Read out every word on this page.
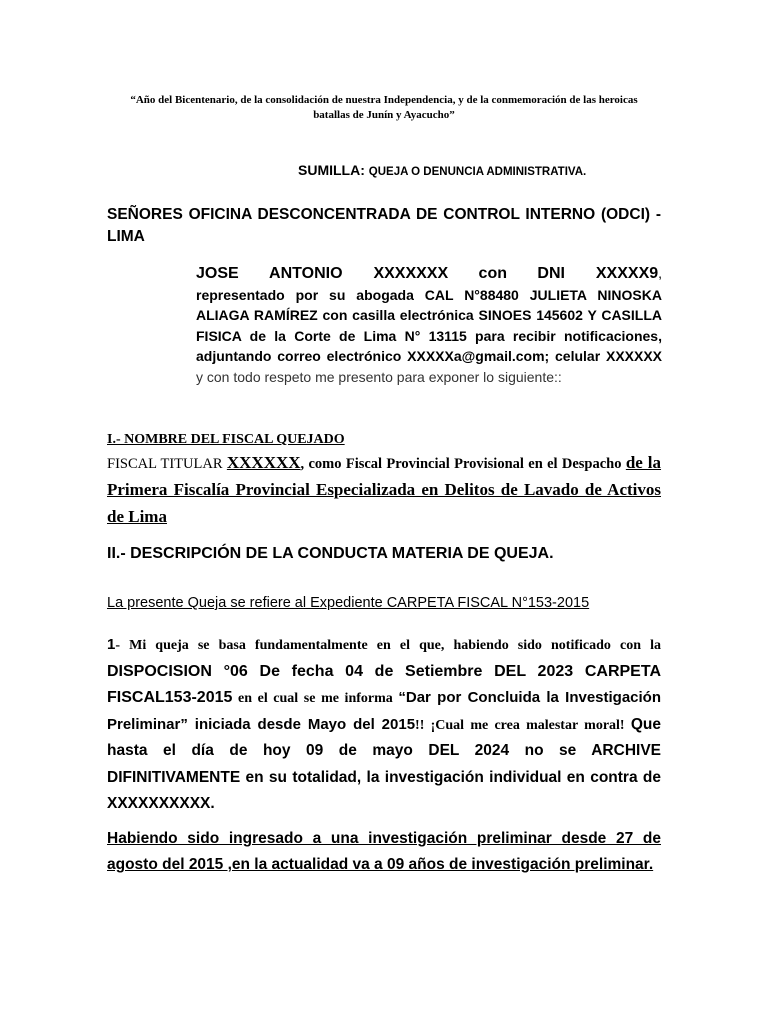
“Año del Bicentenario, de la consolidación de nuestra Independencia, y de la conmemoración de las heroicas
batallas de Junín y Ayacucho”
SUMILLA: QUEJA O DENUNCIA ADMINISTRATIVA.
SEÑORES OFICINA DESCONCENTRADA DE CONTROL INTERNO (ODCI) - LIMA
JOSE ANTONIO XXXXXXX con DNI XXXXX9,
representado por su abogada CAL N°88480 JULIETA NINOSKA ALIAGA RAMÍREZ con casilla electrónica SINOES 145602 Y CASILLA FISICA de la Corte de Lima N° 13115 para recibir notificaciones, adjuntando correo electrónico XXXXXa@gmail.com; celular XXXXXX y con todo respeto me presento para exponer lo siguiente::
I.- NOMBRE DEL FISCAL QUEJADO
FISCAL TITULAR XXXXXX, como Fiscal Provincial Provisional en el Despacho de la Primera Fiscalía Provincial Especializada en Delitos de Lavado de Activos de Lima
II.- DESCRIPCIÓN DE LA CONDUCTA MATERIA DE QUEJA.
La presente Queja se refiere al Expediente CARPETA FISCAL N°153-2015
1- Mi queja se basa fundamentalmente en el que, habiendo sido notificado con la DISPOCISION °06 De fecha 04 de Setiembre DEL 2023 CARPETA FISCAL153-2015 en el cual se me informa “Dar por Concluida la Investigación Preliminar” iniciada desde Mayo del 2015!! ¡Cual me crea malestar moral! Que hasta el día de hoy 09 de mayo DEL 2024 no se ARCHIVE DIFINITIVAMENTE en su totalidad, la investigación individual en contra de XXXXXXXXXX.
Habiendo sido ingresado a una investigación preliminar desde 27 de agosto del 2015 ,en la actualidad va a 09 años de investigación preliminar.
